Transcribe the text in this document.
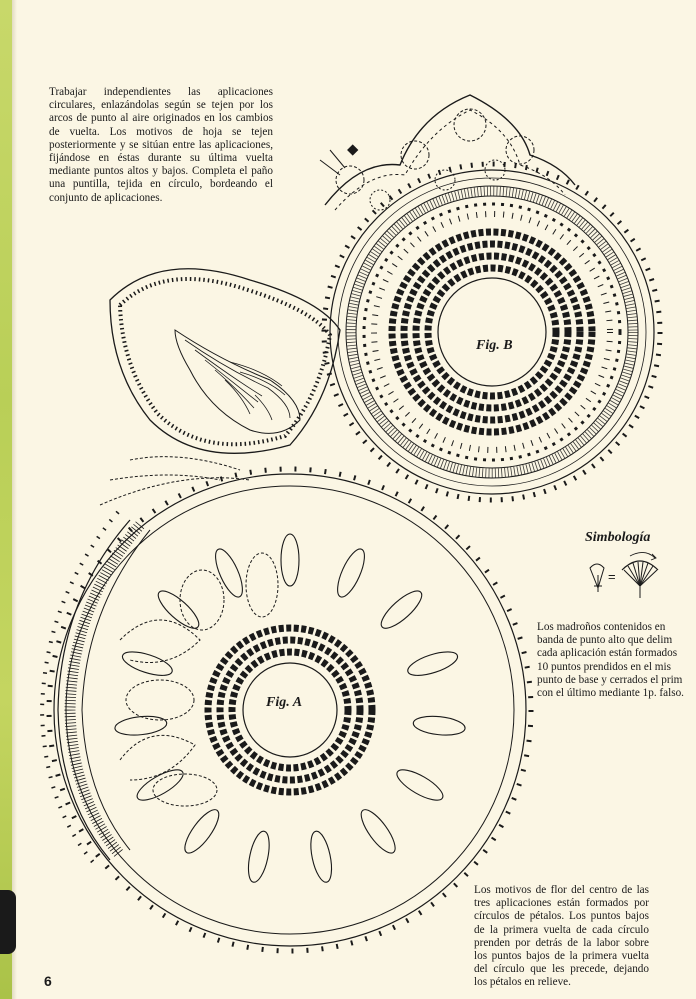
Trabajar independientes las aplicaciones circulares, enlazándolas según se tejen por los arcos de punto al aire originados en los cambios de vuelta. Los motivos de hoja se tejen posteriormente y se sitúan entre las aplicaciones, fijándose en éstas durante su última vuelta mediante puntos altos y bajos. Completa el paño una puntilla, tejida en círculo, bordeando el conjunto de aplicaciones.

Fig. A
Fig. B
Simbología
=

Los madroños contenidos en
banda de punto alto que delim
cada aplicación están formados
10 puntos prendidos en el mis
punto de base y cerrados el prim
con el último mediante 1p. falso.

Los motivos de flor del centro de las tres aplicaciones están formados por círculos de pétalos. Los puntos bajos de la primera vuelta de cada círculo prenden por detrás de la labor sobre los puntos bajos de la primera vuelta del círculo que les precede, dejando los pétalos en relieve.

6
